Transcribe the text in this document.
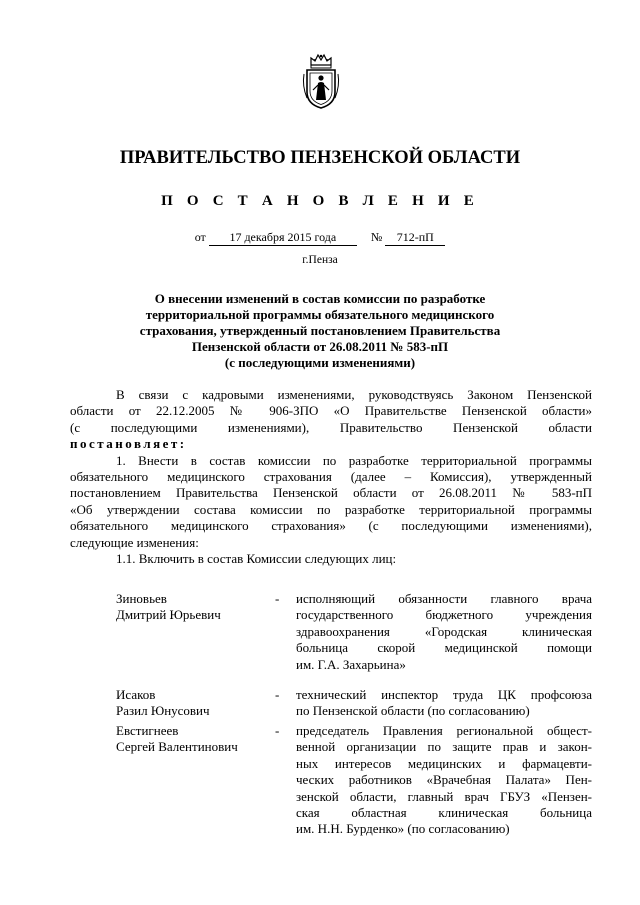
ПРАВИТЕЛЬСТВО ПЕНЗЕНСКОЙ ОБЛАСТИ
П О С Т А Н О В Л Е Н И Е
от 17 декабря 2015 года	№ 712-пП
г.Пенза
О внесении изменений в состав комиссии по разработке
территориальной программы обязательного медицинского
страхования, утвержденный постановлением Правительства
Пензенской области от 26.08.2011 № 583-пП
(с последующими изменениями)
В связи с кадровыми изменениями, руководствуясь Законом Пензенской
области от 22.12.2005 № 906-ЗПО «О Правительстве Пензенской области»
(с последующими изменениями), Правительство Пензенской области
постановляет:
1. Внести в состав комиссии по разработке территориальной программы
обязательного медицинского страхования (далее – Комиссия), утвержденный
постановлением Правительства Пензенской области от 26.08.2011 № 583-пП
«Об утверждении состава комиссии по разработке территориальной программы
обязательного медицинского страхования» (с последующими изменениями),
следующие изменения:
1.1. Включить в состав Комиссии следующих лиц:
Зиновьев
Дмитрий Юрьевич
- исполняющий обязанности главного врача
государственного бюджетного учреждения
здравоохранения «Городская клиническая
больница скорой медицинской помощи
им. Г.А. Захарьина»
Исаков
Разил Юнусович
- технический инспектор труда ЦК профсоюза
по Пензенской области (по согласованию)
Евстигнеев
Сергей Валентинович
- председатель Правления региональной общест-
венной организации по защите прав и закон-
ных интересов медицинских и фармацевти-
ческих работников «Врачебная Палата» Пен-
зенской области, главный врач ГБУЗ «Пензен-
ская областная клиническая больница
им. Н.Н. Бурденко» (по согласованию)
